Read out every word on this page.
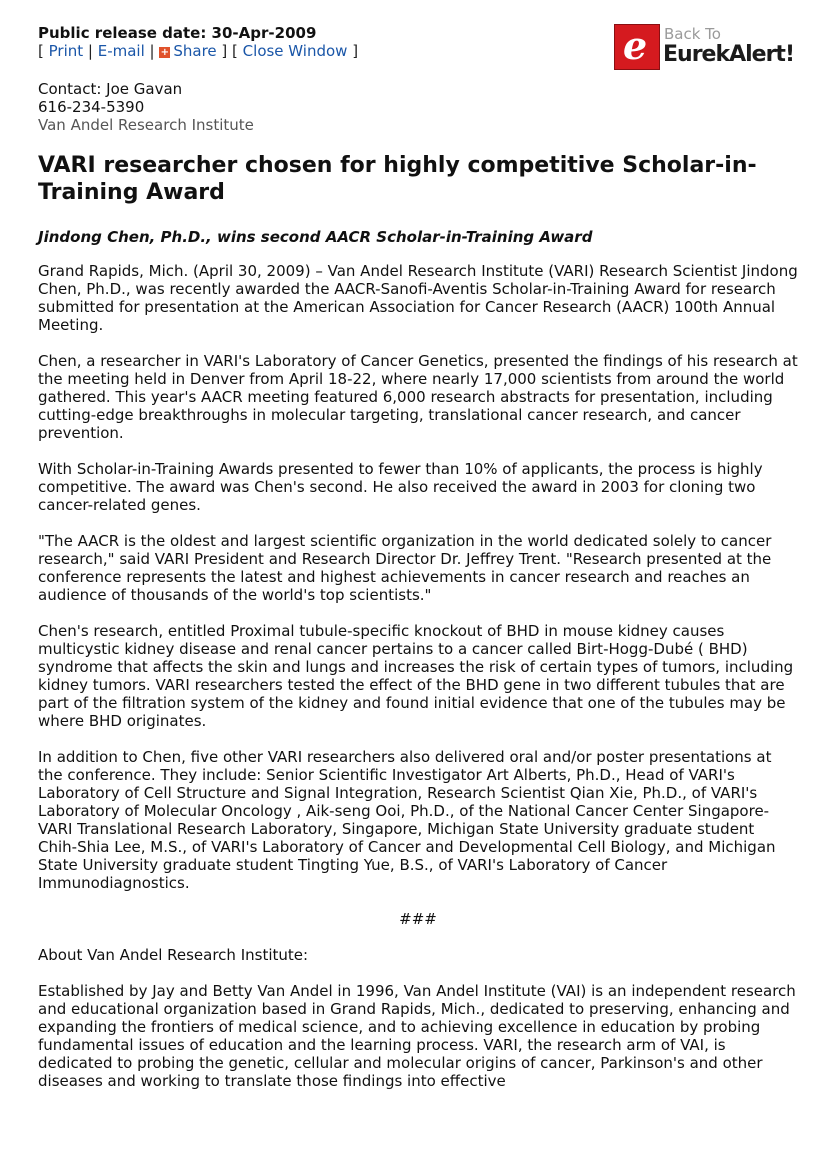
Public release date: 30-Apr-2009
[ Print | E-mail | + Share ] [ Close Window ]
Contact: Joe Gavan
616-234-5390
Van Andel Research Institute
VARI researcher chosen for highly competitive Scholar-in-Training Award
Jindong Chen, Ph.D., wins second AACR Scholar-in-Training Award

Grand Rapids, Mich. (April 30, 2009) – Van Andel Research Institute (VARI) Research Scientist Jindong Chen, Ph.D., was recently awarded the AACR-Sanofi-Aventis Scholar-in-Training Award for research submitted for presentation at the American Association for Cancer Research (AACR) 100th Annual Meeting.

Chen, a researcher in VARI's Laboratory of Cancer Genetics, presented the findings of his research at the meeting held in Denver from April 18-22, where nearly 17,000 scientists from around the world gathered. This year's AACR meeting featured 6,000 research abstracts for presentation, including cutting-edge breakthroughs in molecular targeting, translational cancer research, and cancer prevention.

With Scholar-in-Training Awards presented to fewer than 10% of applicants, the process is highly competitive. The award was Chen's second. He also received the award in 2003 for cloning two cancer-related genes.

"The AACR is the oldest and largest scientific organization in the world dedicated solely to cancer research," said VARI President and Research Director Dr. Jeffrey Trent. "Research presented at the conference represents the latest and highest achievements in cancer research and reaches an audience of thousands of the world's top scientists."

Chen's research, entitled Proximal tubule-specific knockout of BHD in mouse kidney causes multicystic kidney disease and renal cancer pertains to a cancer called Birt-Hogg-Dubé ( BHD) syndrome that affects the skin and lungs and increases the risk of certain types of tumors, including kidney tumors. VARI researchers tested the effect of the BHD gene in two different tubules that are part of the filtration system of the kidney and found initial evidence that one of the tubules may be where BHD originates.

In addition to Chen, five other VARI researchers also delivered oral and/or poster presentations at the conference. They include: Senior Scientific Investigator Art Alberts, Ph.D., Head of VARI's Laboratory of Cell Structure and Signal Integration, Research Scientist Qian Xie, Ph.D., of VARI's Laboratory of Molecular Oncology , Aik-seng Ooi, Ph.D., of the National Cancer Center Singapore-VARI Translational Research Laboratory, Singapore, Michigan State University graduate student Chih-Shia Lee, M.S., of VARI's Laboratory of Cancer and Developmental Cell Biology, and Michigan State University graduate student Tingting Yue, B.S., of VARI's Laboratory of Cancer Immunodiagnostics.

###

About Van Andel Research Institute:

Established by Jay and Betty Van Andel in 1996, Van Andel Institute (VAI) is an independent research and educational organization based in Grand Rapids, Mich., dedicated to preserving, enhancing and expanding the frontiers of medical science, and to achieving excellence in education by probing fundamental issues of education and the learning process. VARI, the research arm of VAI, is dedicated to probing the genetic, cellular and molecular origins of cancer, Parkinson's and other diseases and working to translate those findings into effective

e Back To
EurekAlert!
